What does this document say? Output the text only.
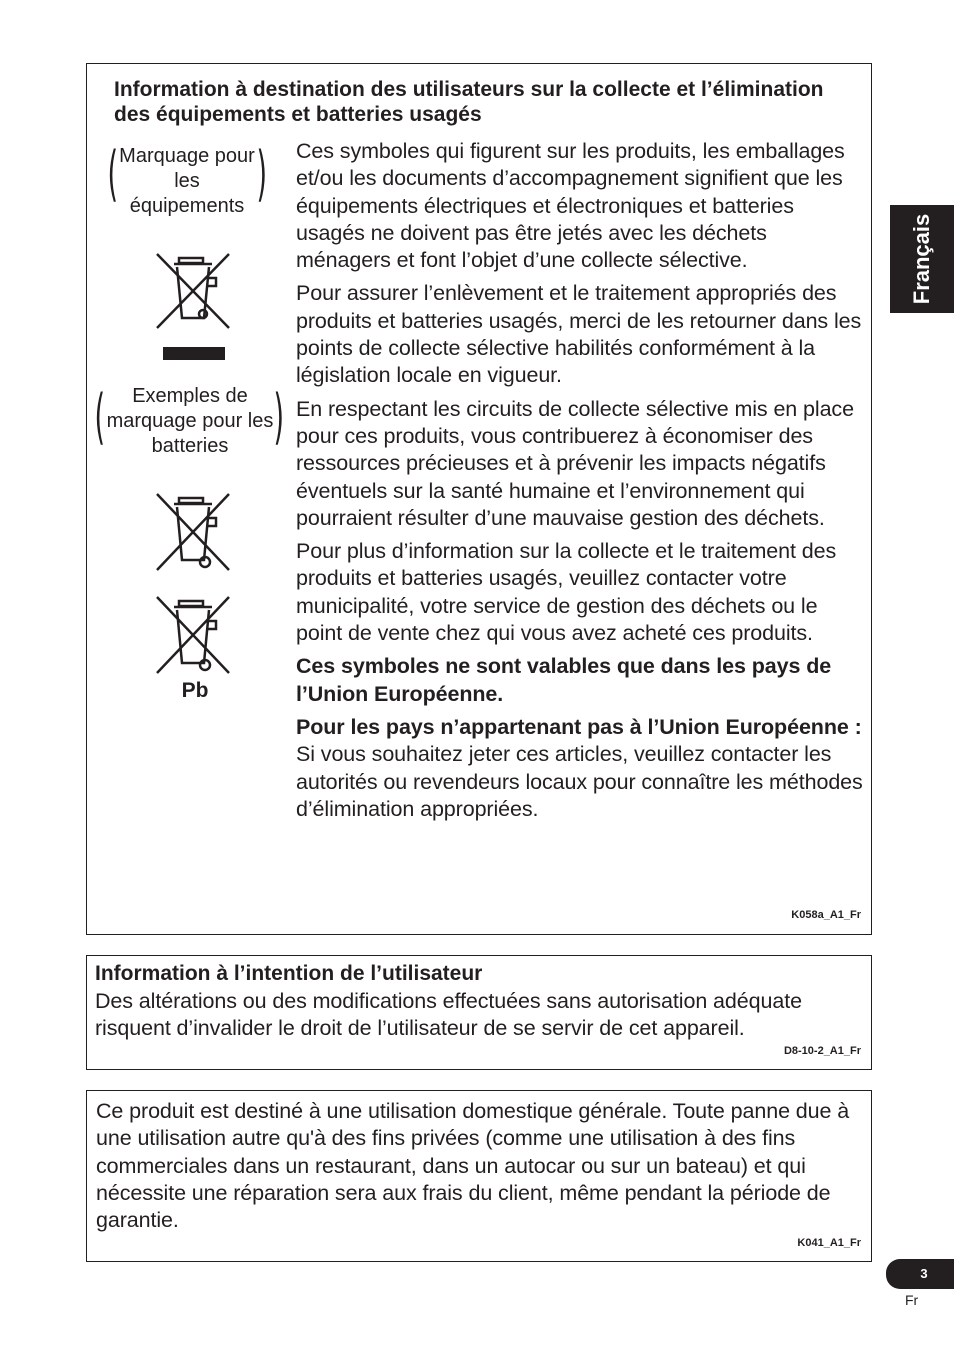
Information à destination des utilisateurs sur la collecte et l’élimination des équipements et batteries usagés

( Marquage pour les équipements )
(	Exemples de marquage pour les batteries )
Pb

Ces symboles qui figurent sur les produits, les emballages et/ou les documents d’accompagnement signifient que les équipements électriques et électroniques et batteries usagés ne doivent pas être jetés avec les déchets ménagers et font l’objet d’une collecte sélective.

Pour assurer l’enlèvement et le traitement appropriés des produits et batteries usagés, merci de les retourner dans les points de collecte sélective habilités conformément à la législation locale en vigueur.

En respectant les circuits de collecte sélective mis en place pour ces produits, vous contribuerez à économiser des ressources précieuses et à prévenir les impacts négatifs éventuels sur la santé humaine et l’environnement qui pourraient résulter d’une mauvaise gestion des déchets.

Pour plus d’information sur la collecte et le traitement des produits et batteries usagés, veuillez contacter votre municipalité, votre service de gestion des déchets ou le point de vente chez qui vous avez acheté ces produits.

Ces symboles ne sont valables que dans les pays de l’Union Européenne.

Pour les pays n’appartenant pas à l’Union Européenne :

Si vous souhaitez jeter ces articles, veuillez contacter les autorités ou revendeurs locaux pour connaître les méthodes d’élimination appropriées.

K058a_A1_Fr
Information à l’intention de l’utilisateur
Des altérations ou des modifications effectuées sans autorisation adéquate risquent d’invalider le droit de l’utilisateur de se servir de cet appareil.
D8-10-2_A1_Fr
Ce produit est destiné à une utilisation domestique générale. Toute panne due à une utilisation autre qu'à des fins privées (comme une utilisation à des fins commerciales dans un restaurant, dans un autocar ou sur un bateau) et qui nécessite une réparation sera aux frais du client, même pendant la période de garantie.
K041_A1_Fr
Français
3
Fr
